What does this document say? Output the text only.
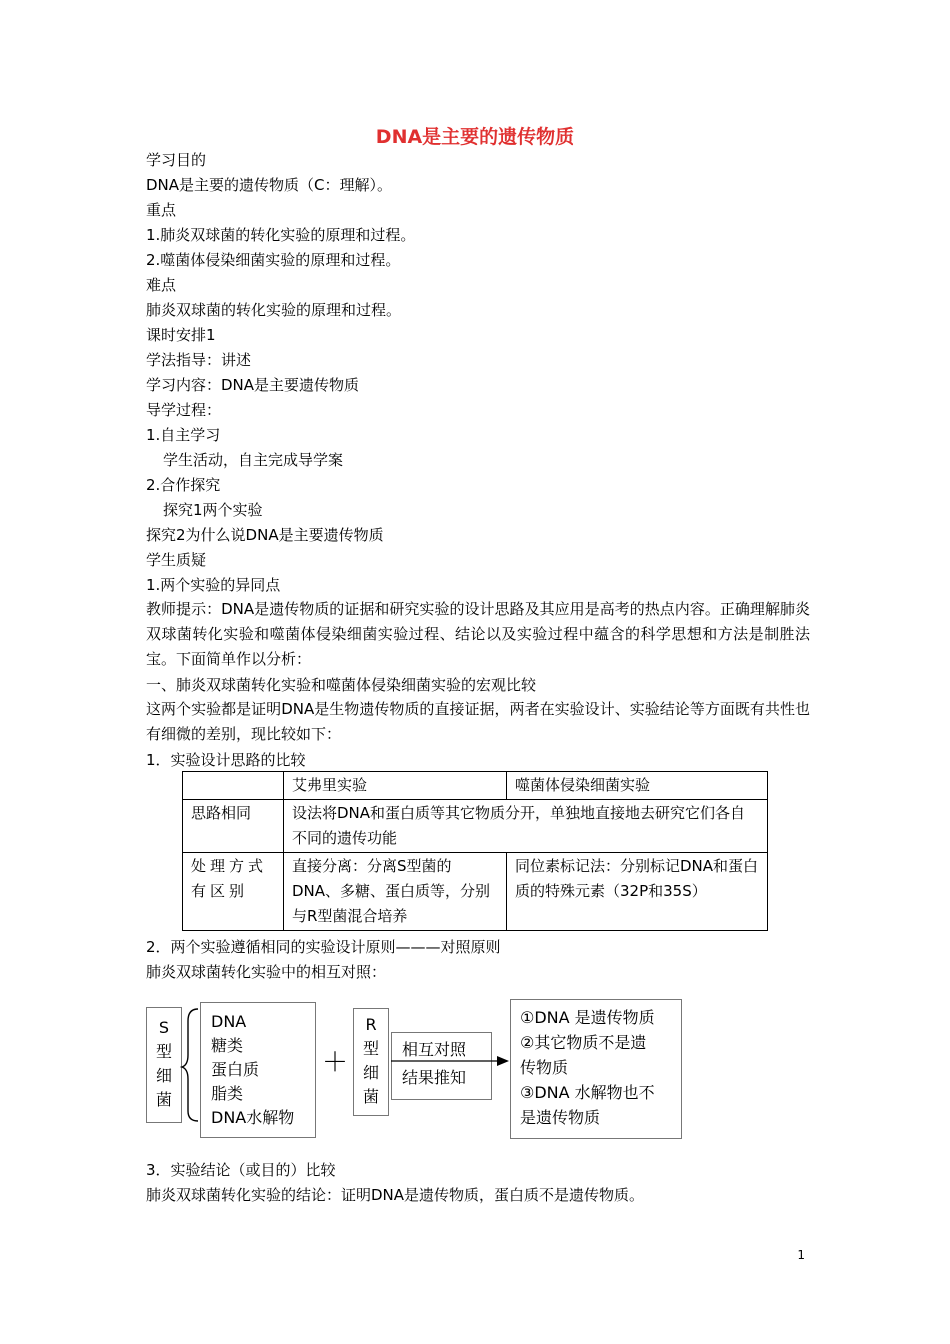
DNA是主要的遗传物质
学习目的
DNA是主要的遗传物质（C：理解）。
重点
1.肺炎双球菌的转化实验的原理和过程。
2.噬菌体侵染细菌实验的原理和过程。
难点
肺炎双球菌的转化实验的原理和过程。
课时安排1
学法指导：讲述
学习内容：DNA是主要遗传物质
导学过程：
1.自主学习
学生活动，自主完成导学案
2.合作探究
探究1两个实验
探究2为什么说DNA是主要遗传物质
学生质疑
1.两个实验的异同点
教师提示：DNA是遗传物质的证据和研究实验的设计思路及其应用是高考的热点内容。正确理解肺炎双球菌转化实验和噬菌体侵染细菌实验过程、结论以及实验过程中蕴含的科学思想和方法是制胜法宝。下面简单作以分析：
一、肺炎双球菌转化实验和噬菌体侵染细菌实验的宏观比较
这两个实验都是证明DNA是生物遗传物质的直接证据，两者在实验设计、实验结论等方面既有共性也有细微的差别，现比较如下：
1．实验设计思路的比较
	艾弗里实验	噬菌体侵染细菌实验
思路相同	设法将DNA和蛋白质等其它物质分开，单独地直接地去研究它们各自不同的遗传功能	
处理方式有区别	直接分离：分离S型菌的DNA、多糖、蛋白质等，分别与R型菌混合培养	同位素标记法：分别标记DNA和蛋白质的特殊元素（32P和35S）
2．两个实验遵循相同的实验设计原则———对照原则
肺炎双球菌转化实验中的相互对照：
S
型
细
菌
DNA
糖类
蛋白质
脂类
DNA水解物
＋
R
型
细
菌
相互对照
结果推知
①DNA 是遗传物质
②其它物质不是遗
传物质
③DNA 水解物也不
是遗传物质
3．实验结论（或目的）比较
肺炎双球菌转化实验的结论：证明DNA是遗传物质，蛋白质不是遗传物质。
1
